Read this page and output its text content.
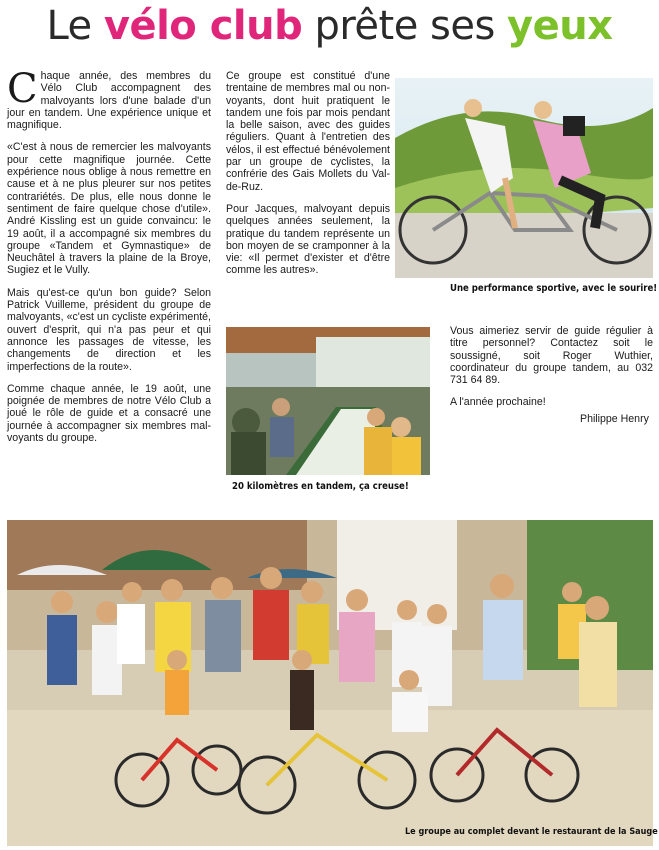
Le vélo club prête ses yeux

Chaque année, des membres du Vélo Club accompagnent des malvoyants lors d'une balade d'un jour en tandem. Une expérience unique et magnifique.

«C'est à nous de remercier les malvoyants pour cette magnifique journée. Cette expérience nous oblige à nous remettre en cause et à ne plus pleurer sur nos petites contrariétés. De plus, elle nous donne le sentiment de faire quelque chose d'utile». André Kissling est un guide convaincu: le 19 août, il a accompagné six membres du groupe «Tandem et Gymnastique» de Neuchâtel à travers la plaine de la Broye, Sugiez et le Vully.

Mais qu'est-ce qu'un bon guide? Selon Patrick Vuilleme, président du groupe de malvoyants, «c'est un cycliste expérimenté, ouvert d'esprit, qui n'a pas peur et qui annonce les passages de vitesse, les changements de direction et les imperfections de la route».

Comme chaque année, le 19 août, une poignée de membres de notre Vélo Club a joué le rôle de guide et a consacré une journée à accompagner six membres mal-voyants du groupe.

Ce groupe est constitué d'une trentaine de membres mal ou non-voyants, dont huit pratiquent le tandem une fois par mois pendant la belle saison, avec des guides réguliers. Quant à l'entretien des vélos, il est effectué bénévolement par un groupe de cyclistes, la confrérie des Gais Mollets du Val-de-Ruz.

Pour Jacques, malvoyant depuis quelques années seulement, la pratique du tandem représente un bon moyen de se cramponner à la vie: «Il permet d'exister et d'être comme les autres».

Une performance sportive, avec le sourire!
20 kilomètres en tandem, ça creuse!

Vous aimeriez servir de guide régulier à titre personnel? Contactez soit le soussigné, soit Roger Wuthier, coordinateur du groupe tandem, au 032 731 64 89.

A l'année prochaine!

Philippe Henry
Le groupe au complet devant le restaurant de la Sauge
